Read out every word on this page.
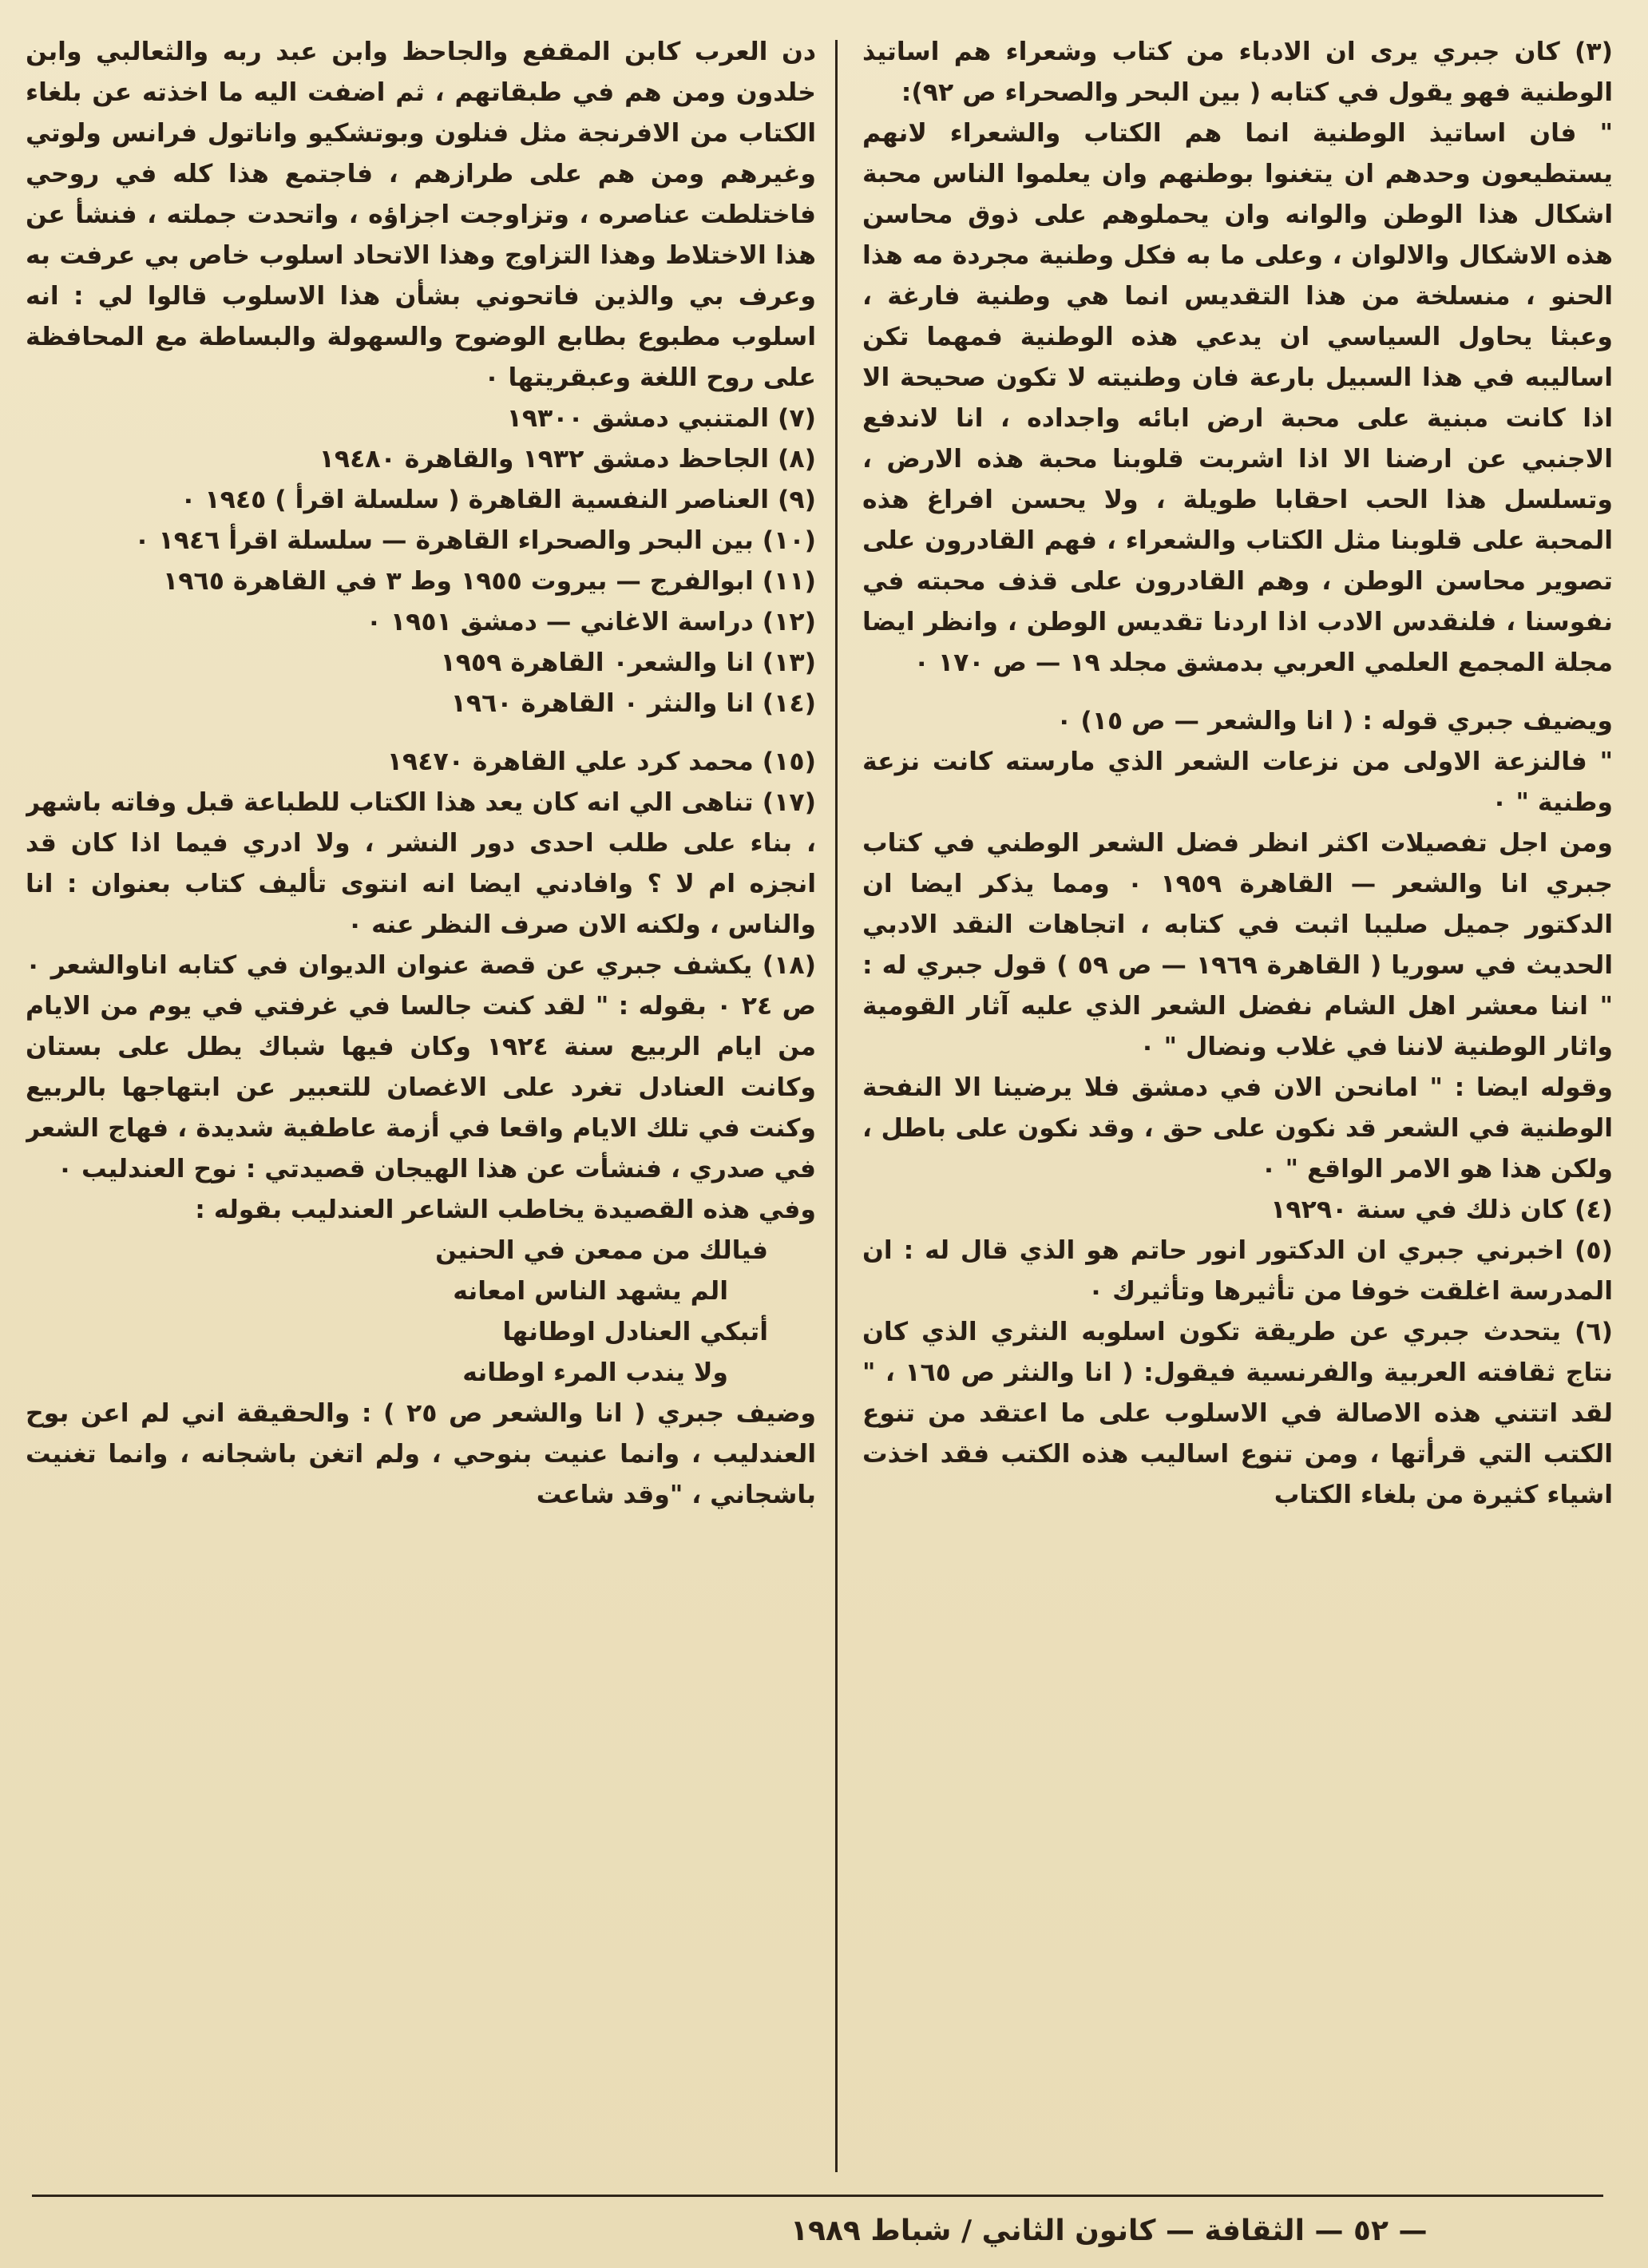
(٣) كان جبري يرى ان الادباء من كتاب وشعراء هم اساتيذ الوطنية فهو يقول في كتابه ( بين البحر والصحراء ص ٩٢):

" فان اساتيذ الوطنية انما هم الكتاب والشعراء لانهم يستطيعون وحدهم ان يتغنوا بوطنهم وان يعلموا الناس محبة اشكال هذا الوطن والوانه وان يحملوهم على ذوق محاسن هذه الاشكال والالوان ، وعلى ما به فكل وطنية مجردة مه هذا الحنو ، منسلخة من هذا التقديس انما هي وطنية فارغة ، وعبثا يحاول السياسي ان يدعي هذه الوطنية فمهما تكن اساليبه في هذا السبيل بارعة فان وطنيته لا تكون صحيحة الا اذا كانت مبنية على محبة ارض ابائه واجداده ، انا لاندفع الاجنبي عن ارضنا الا اذا اشربت قلوبنا محبة هذه الارض ، وتسلسل هذا الحب احقابا طويلة ، ولا يحسن افراغ هذه المحبة على قلوبنا مثل الكتاب والشعراء ، فهم القادرون على تصوير محاسن الوطن ، وهم القادرون على قذف محبته في نفوسنا ، فلنقدس الادب اذا اردنا تقديس الوطن ، وانظر ايضا مجلة المجمع العلمي العربي بدمشق مجلد ١٩ — ص ١٧٠ ٠

ويضيف جبري قوله : ( انا والشعر — ص ١٥) ٠

" فالنزعة الاولى من نزعات الشعر الذي مارسته كانت نزعة وطنية " ٠

ومن اجل تفصيلات اكثر انظر فضل الشعر الوطني في كتاب جبري انا والشعر — القاهرة ١٩٥٩ ٠ ومما يذكر ايضا ان الدكتور جميل صليبا اثبت في كتابه ، اتجاهات النقد الادبي الحديث في سوريا ( القاهرة ١٩٦٩ — ص ٥٩ ) قول جبري له : " اننا معشر اهل الشام نفضل الشعر الذي عليه آثار القومية واثار الوطنية لاننا في غلاب ونضال " ٠

وقوله ايضا : " امانحن الان في دمشق فلا يرضينا الا النفحة الوطنية في الشعر قد نكون على حق ، وقد نكون على باطل ، ولكن هذا هو الامر الواقع " ٠

(٤) كان ذلك في سنة ١٩٢٩٠

(٥) اخبرني جبري ان الدكتور انور حاتم هو الذي قال له : ان المدرسة اغلقت خوفا من تأثيرها وتأثيرك ٠

(٦) يتحدث جبري عن طريقة تكون اسلوبه النثري الذي كان نتاج ثقافته العربية والفرنسية فيقول: ( انا والنثر ص ١٦٥ ، " لقد اتتني هذه الاصالة في الاسلوب على ما اعتقد من تنوع الكتب التي قرأتها ، ومن تنوع اساليب هذه الكتب فقد اخذت اشياء كثيرة من بلغاء الكتاب

دن العرب كابن المقفع والجاحظ وابن عبد ربه والثعالبي وابن خلدون ومن هم في طبقاتهم ، ثم اضفت اليه ما اخذته عن بلغاء الكتاب من الافرنجة مثل فنلون وبوتشكيو واناتول فرانس ولوتي وغيرهم ومن هم على طرازهم ، فاجتمع هذا كله في روحي فاختلطت عناصره ، وتزاوجت اجزاؤه ، واتحدت جملته ، فنشأ عن هذا الاختلاط وهذا التزاوج وهذا الاتحاد اسلوب خاص بي عرفت به وعرف بي والذين فاتحوني بشأن هذا الاسلوب قالوا لي : انه اسلوب مطبوع بطابع الوضوح والسهولة والبساطة مع المحافظة على روح اللغة وعبقريتها ٠

(٧) المتنبي دمشق ١٩٣٠٠

(٨) الجاحظ دمشق ١٩٣٢ والقاهرة ١٩٤٨٠

(٩) العناصر النفسية القاهرة ( سلسلة اقرأ ) ١٩٤٥ ٠

(١٠) بين البحر والصحراء القاهرة — سلسلة اقرأ ١٩٤٦ ٠

(١١) ابوالفرج — بيروت ١٩٥٥ وط ٣ في القاهرة ١٩٦٥

(١٢) دراسة الاغاني — دمشق ١٩٥١ ٠

(١٣) انا والشعر٠ القاهرة ١٩٥٩

(١٤) انا والنثر ٠ القاهرة ١٩٦٠

(١٥) محمد كرد علي القاهرة ١٩٤٧٠

(١٧) تناهى الي انه كان يعد هذا الكتاب للطباعة قبل وفاته باشهر ، بناء على طلب احدى دور النشر ، ولا ادري فيما اذا كان قد انجزه ام لا ؟ وافادني ايضا انه انتوى تأليف كتاب بعنوان : انا والناس ، ولكنه الان صرف النظر عنه ٠

(١٨) يكشف جبري عن قصة عنوان الديوان في كتابه اناوالشعر ٠ ص ٢٤ ٠ بقوله : " لقد كنت جالسا في غرفتي في يوم من الايام من ايام الربيع سنة ١٩٢٤ وكان فيها شباك يطل على بستان وكانت العنادل تغرد على الاغصان للتعبير عن ابتهاجها بالربيع وكنت في تلك الايام واقعا في أزمة عاطفية شديدة ، فهاج الشعر في صدري ، فنشأت عن هذا الهيجان قصيدتي : نوح العندليب ٠

وفي هذه القصيدة يخاطب الشاعر العندليب بقوله :

فيالك من ممعن في الحنين

الم يشهد الناس امعانه

أتبكي العنادل اوطانها

ولا يندب المرء اوطانه

وضيف جبري ( انا والشعر ص ٢٥ ) : والحقيقة اني لم اعن بوح العندليب ، وانما عنيت بنوحي ، ولم اتغن باشجانه ، وانما تغنيت باشجاني ، "وقد شاعت

— ٥٢ — الثقافة — كانون الثاني / شباط ١٩٨٩
